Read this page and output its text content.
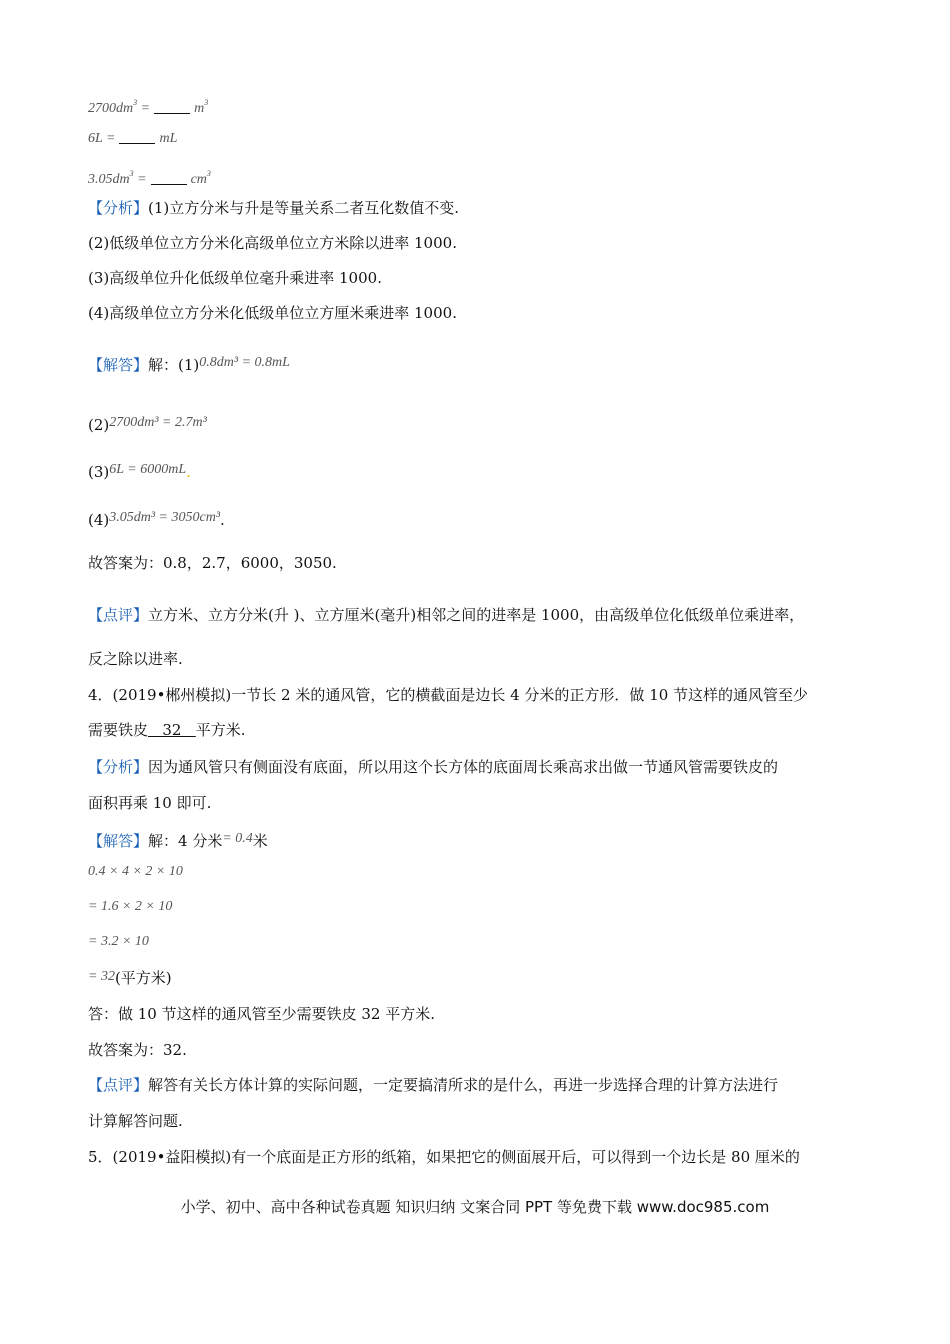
$2700dm^3$ =	$m^3$
6L =	mL
$3.05dm^3$ =	$cm^3$
【分析】(1)立方分米与升是等量关系二者互化数值不变.
(2)低级单位立方分米化高级单位立方米除以进率 1000.
(3)高级单位升化低级单位毫升乘进率 1000.
(4)高级单位立方分米化低级单位立方厘米乘进率 1000.
【解答】解：(1)0.8dm³ = 0.8mL
(2)2700dm³ = 2.7m³
(3)6L = 6000mL.
(4)3.05dm³ = 3050cm³.
故答案为：0.8，2.7，6000，3050.
【点评】立方米、立方分米(升 )、立方厘米(毫升)相邻之间的进率是 1000，由高级单位化低级单位乘进率，
反之除以进率.
4．(2019•郴州模拟)一节长 2 米的通风管，它的横截面是边长 4 分米的正方形．做 10 节这样的通风管至少
需要铁皮 32 平方米.
【分析】因为通风管只有侧面没有底面，所以用这个长方体的底面周长乘高求出做一节通风管需要铁皮的
面积再乘 10 即可.
【解答】解：4 分米= 0.4米
0.4 × 4 × 2 × 10
= 1.6 × 2 × 10
= 3.2 × 10
= 32(平方米)
答：做 10 节这样的通风管至少需要铁皮 32 平方米.
故答案为：32.
【点评】解答有关长方体计算的实际问题，一定要搞清所求的是什么，再进一步选择合理的计算方法进行
计算解答问题.
5．(2019•益阳模拟)有一个底面是正方形的纸箱，如果把它的侧面展开后，可以得到一个边长是 80 厘米的
小学、初中、高中各种试卷真题 知识归纳 文案合同 PPT 等免费下载 www.doc985.com
